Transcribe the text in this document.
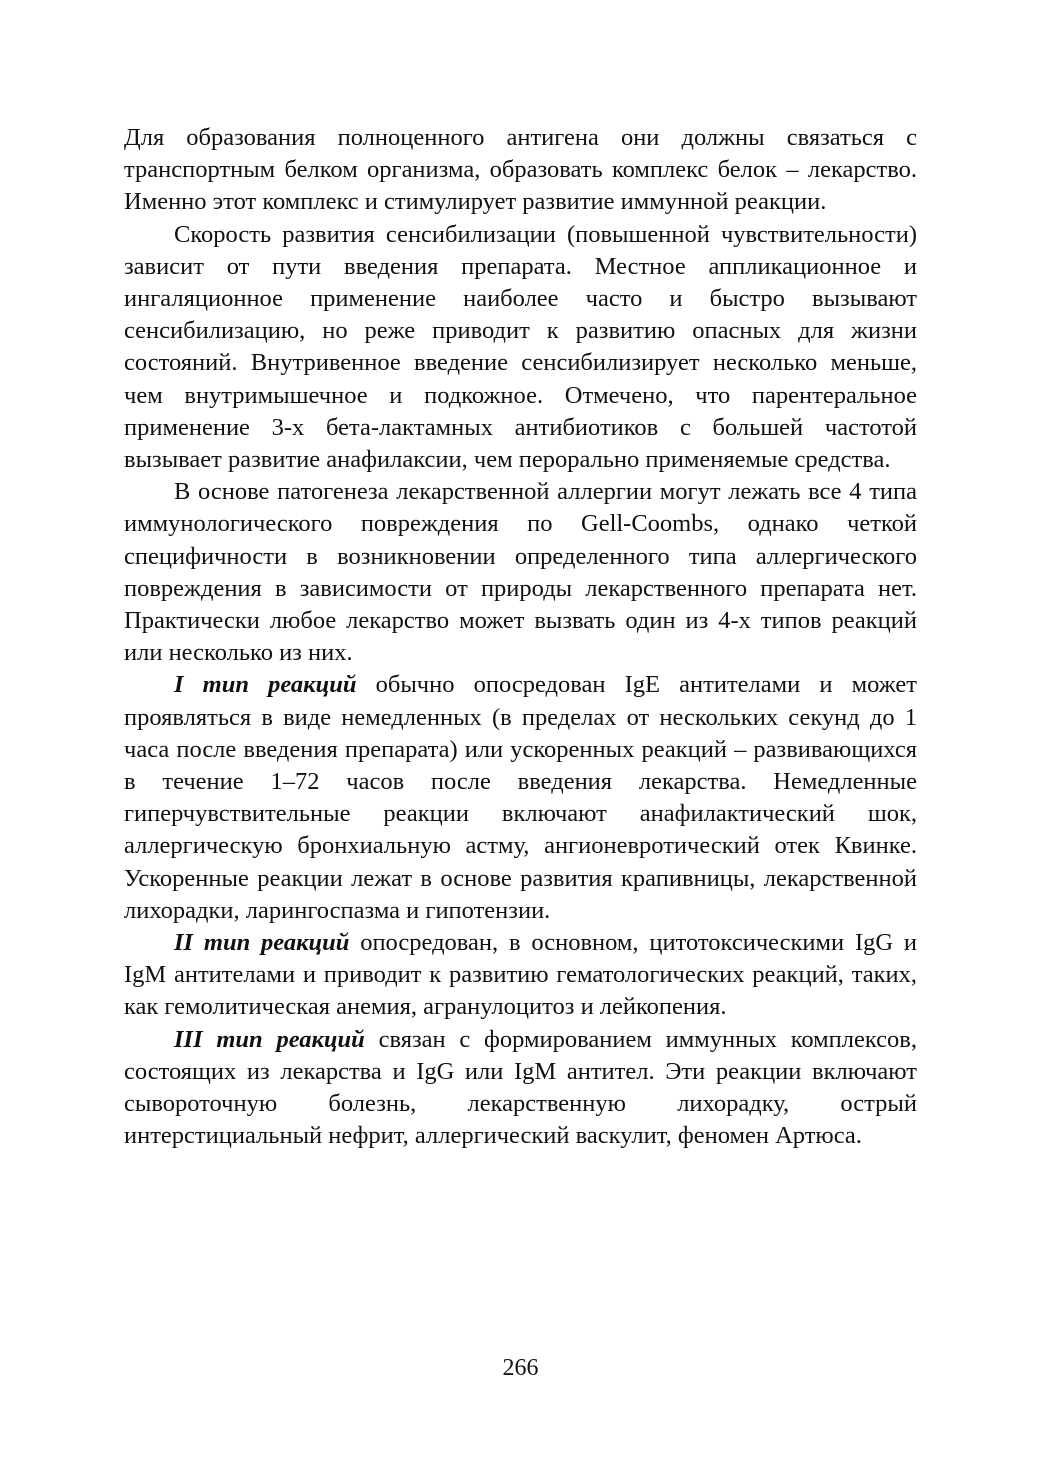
Для образования полноценного антигена они должны связаться с транспортным белком организма, образовать комплекс белок – лекарство. Именно этот комплекс и стимулирует развитие иммунной реакции.

Скорость развития сенсибилизации (повышенной чувствительности) зависит от пути введения препарата. Местное аппликационное и ингаляционное применение наиболее часто и быстро вызывают сенсибилизацию, но реже приводит к развитию опасных для жизни состояний. Внутривенное введение сенсибилизирует несколько меньше, чем внутримышечное и подкожное. Отмечено, что парентеральное применение 3-х бета-лактамных антибиотиков с большей частотой вызывает развитие анафилаксии, чем перорально применяемые средства.

В основе патогенеза лекарственной аллергии могут лежать все 4 типа иммунологического повреждения по Gell-Coombs, однако четкой специфичности в возникновении определенного типа аллергического повреждения в зависимости от природы лекарственного препарата нет. Практически любое лекарство может вызвать один из 4-х типов реакций или несколько из них.

I тип реакций обычно опосредован IgE антителами и может проявляться в виде немедленных (в пределах от нескольких секунд до 1 часа после введения препарата) или ускоренных реакций – развивающихся в течение 1–72 часов после введения лекарства. Немедленные гиперчувствительные реакции включают анафилактический шок, аллергическую бронхиальную астму, ангионевротический отек Квинке. Ускоренные реакции лежат в основе развития крапивницы, лекарственной лихорадки, ларингоспазма и гипотензии.

II тип реакций опосредован, в основном, цитотоксическими IgG и IgM антителами и приводит к развитию гематологических реакций, таких, как гемолитическая анемия, агранулоцитоз и лейкопения.

III тип реакций связан с формированием иммунных комплексов, состоящих из лекарства и IgG или IgM антител. Эти реакции включают сывороточную болезнь, лекарственную лихорадку, острый интерстициальный нефрит, аллергический васкулит, феномен Артюса.

266
